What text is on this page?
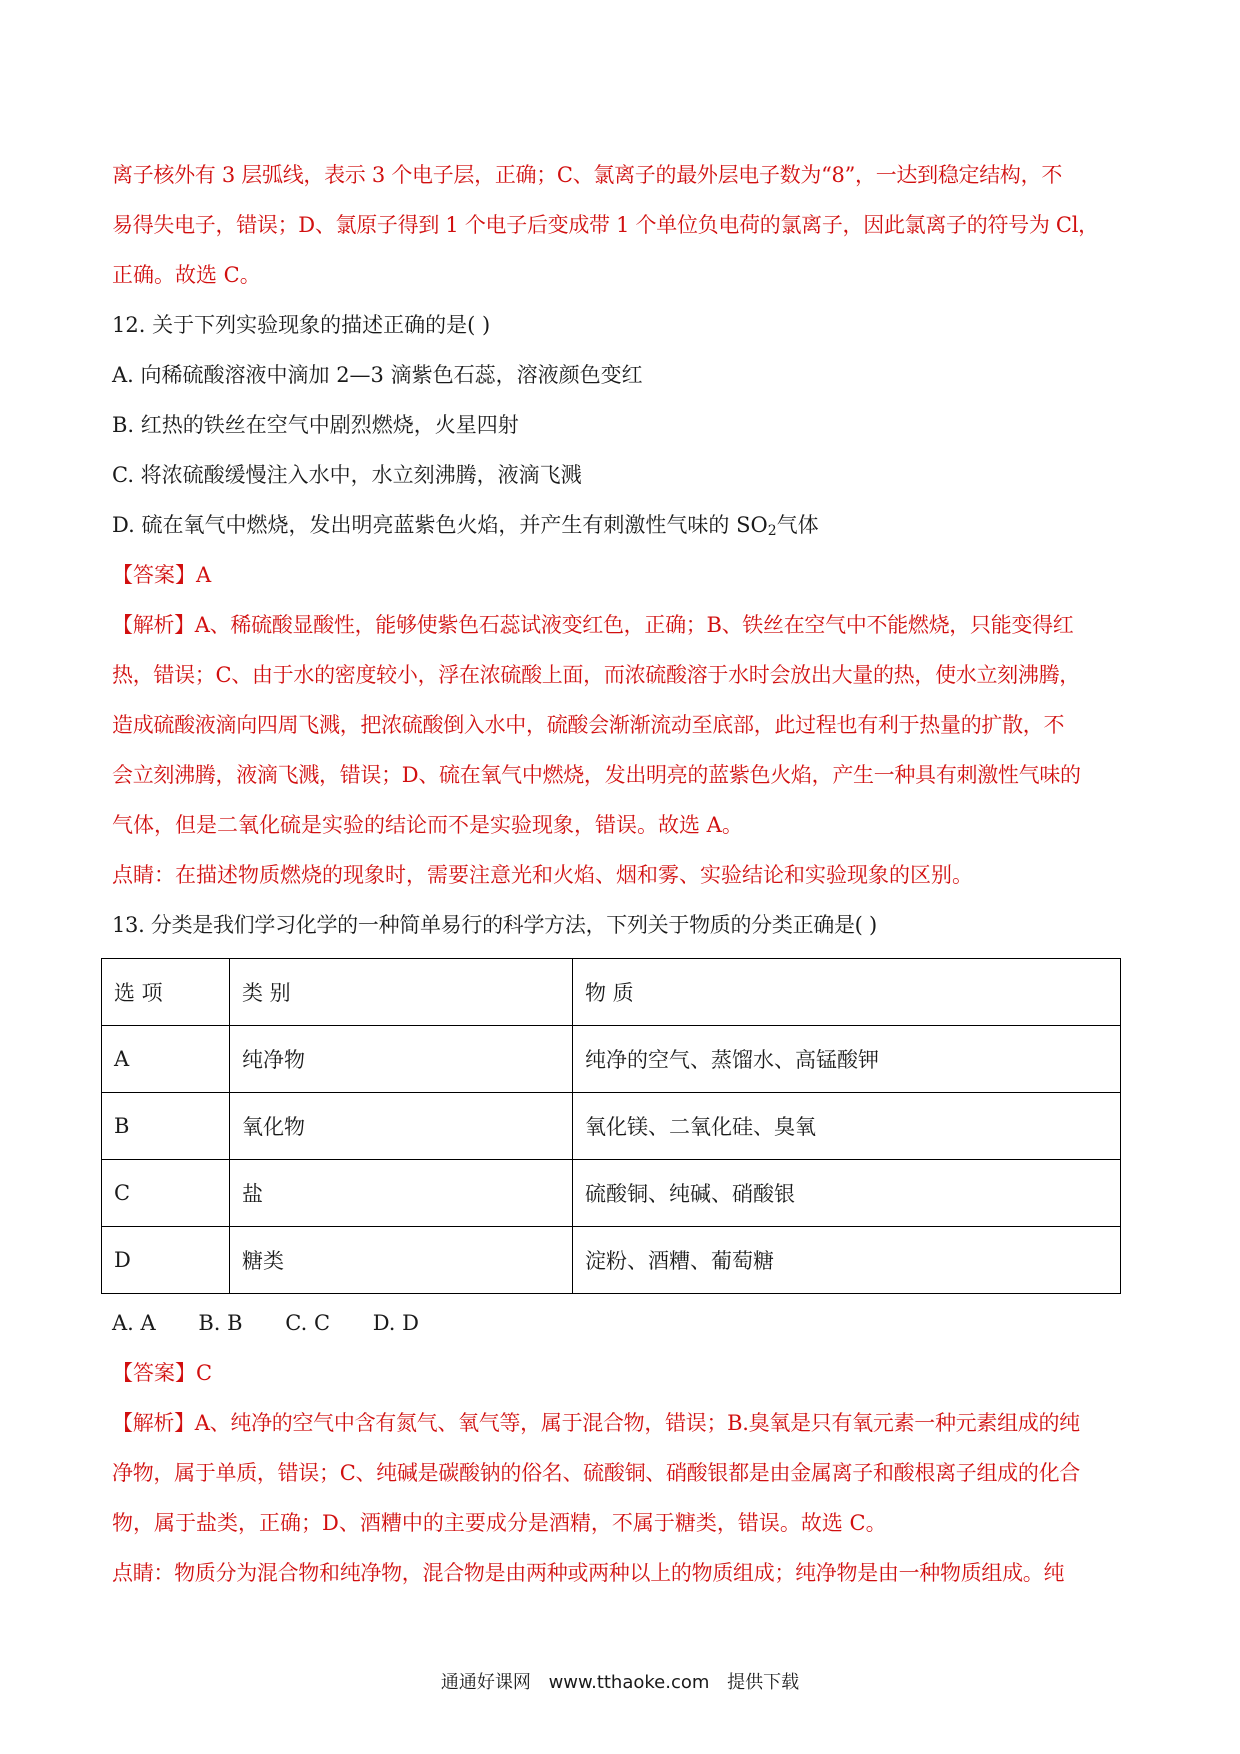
离子核外有 3 层弧线，表示 3 个电子层，正确；C、氯离子的最外层电子数为“8”，一达到稳定结构，不
易得失电子，错误；D、氯原子得到 1 个电子后变成带 1 个单位负电荷的氯离子，因此氯离子的符号为 Cl，
正确。故选 C。
12. 关于下列实验现象的描述正确的是( )
A. 向稀硫酸溶液中滴加 2—3 滴紫色石蕊，溶液颜色变红
B. 红热的铁丝在空气中剧烈燃烧，火星四射
C. 将浓硫酸缓慢注入水中，水立刻沸腾，液滴飞溅
D. 硫在氧气中燃烧，发出明亮蓝紫色火焰，并产生有刺激性气味的 $SO_2$气体
【答案】A
【解析】A、稀硫酸显酸性，能够使紫色石蕊试液变红色，正确；B、铁丝在空气中不能燃烧，只能变得红
热，错误；C、由于水的密度较小，浮在浓硫酸上面，而浓硫酸溶于水时会放出大量的热，使水立刻沸腾，
造成硫酸液滴向四周飞溅，把浓硫酸倒入水中，硫酸会渐渐流动至底部，此过程也有利于热量的扩散，不
会立刻沸腾，液滴飞溅，错误；D、硫在氧气中燃烧，发出明亮的蓝紫色火焰，产生一种具有刺激性气味的
气体，但是二氧化硫是实验的结论而不是实验现象，错误。故选 A。
点睛：在描述物质燃烧的现象时，需要注意光和火焰、烟和雾、实验结论和实验现象的区别。
13. 分类是我们学习化学的一种简单易行的科学方法，下列关于物质的分类正确是( )
选 项	类 别	物 质
A	纯净物	纯净的空气、蒸馏水、高锰酸钾
B	氧化物	氧化镁、二氧化硅、臭氧
C	盐	硫酸铜、纯碱、硝酸银
D	糖类	淀粉、酒糟、葡萄糖
A. A B. B C. C D. D
【答案】C
【解析】A、纯净的空气中含有氮气、氧气等，属于混合物，错误；B.臭氧是只有氧元素一种元素组成的纯
净物，属于单质，错误；C、纯碱是碳酸钠的俗名、硫酸铜、硝酸银都是由金属离子和酸根离子组成的化合
物，属于盐类，正确；D、酒糟中的主要成分是酒精，不属于糖类，错误。故选 C。
点睛：物质分为混合物和纯净物，混合物是由两种或两种以上的物质组成；纯净物是由一种物质组成。纯
通通好课网 www.tthaoke.com 提供下载
